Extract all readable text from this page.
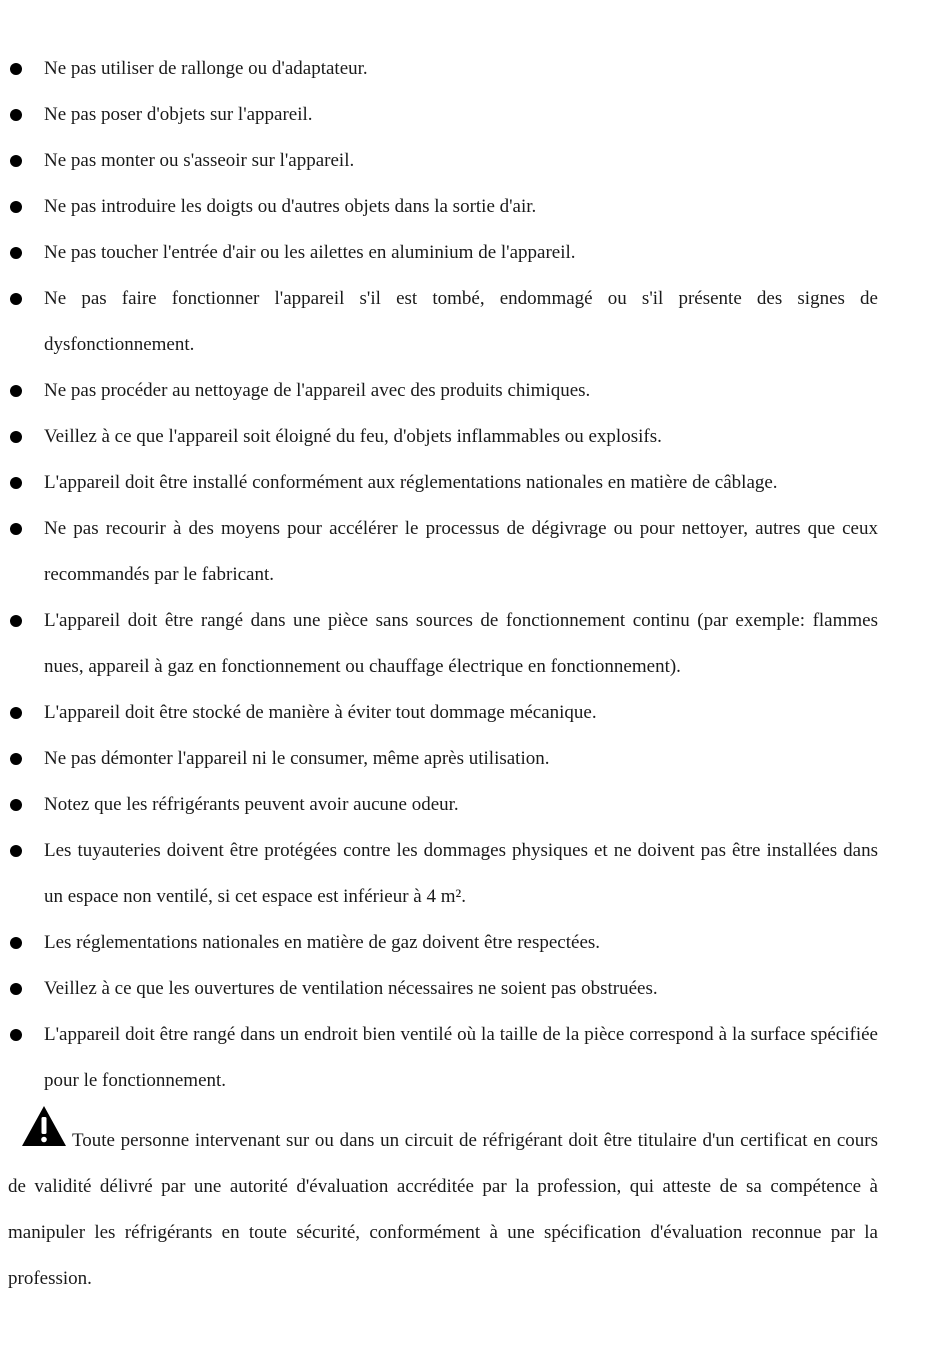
Ne pas utiliser de rallonge ou d'adaptateur.
Ne pas poser d'objets sur l'appareil.
Ne pas monter ou s'asseoir sur l'appareil.
Ne pas introduire les doigts ou d'autres objets dans la sortie d'air.
Ne pas toucher l'entrée d'air ou les ailettes en aluminium de l'appareil.
Ne pas faire fonctionner l'appareil s'il est tombé, endommagé ou s'il présente des signes de dysfonctionnement.
Ne pas procéder au nettoyage de l'appareil avec des produits chimiques.
Veillez à ce que l'appareil soit éloigné du feu, d'objets inflammables ou explosifs.
L'appareil doit être installé conformément aux réglementations nationales en matière de câblage.
Ne pas recourir à des moyens pour accélérer le processus de dégivrage ou pour nettoyer, autres que ceux recommandés par le fabricant.
L'appareil doit être rangé dans une pièce sans sources de fonctionnement continu (par exemple: flammes nues, appareil à gaz en fonctionnement ou chauffage électrique en fonctionnement).
L'appareil doit être stocké de manière à éviter tout dommage mécanique.
Ne pas démonter l'appareil ni le consumer, même après utilisation.
Notez que les réfrigérants peuvent avoir aucune odeur.
Les tuyauteries doivent être protégées contre les dommages physiques et ne doivent pas être installées dans un espace non ventilé, si cet espace est inférieur à 4 m².
Les réglementations nationales en matière de gaz doivent être respectées.
Veillez à ce que les ouvertures de ventilation nécessaires ne soient pas obstruées.
L'appareil doit être rangé dans un endroit bien ventilé où la taille de la pièce correspond à la surface spécifiée pour le fonctionnement.

Toute personne intervenant sur ou dans un circuit de réfrigérant doit être titulaire d'un certificat en cours de validité délivré par une autorité d'évaluation accréditée par la profession, qui atteste de sa compétence à manipuler les réfrigérants en toute sécurité, conformément à une spécification d'évaluation reconnue par la profession.
